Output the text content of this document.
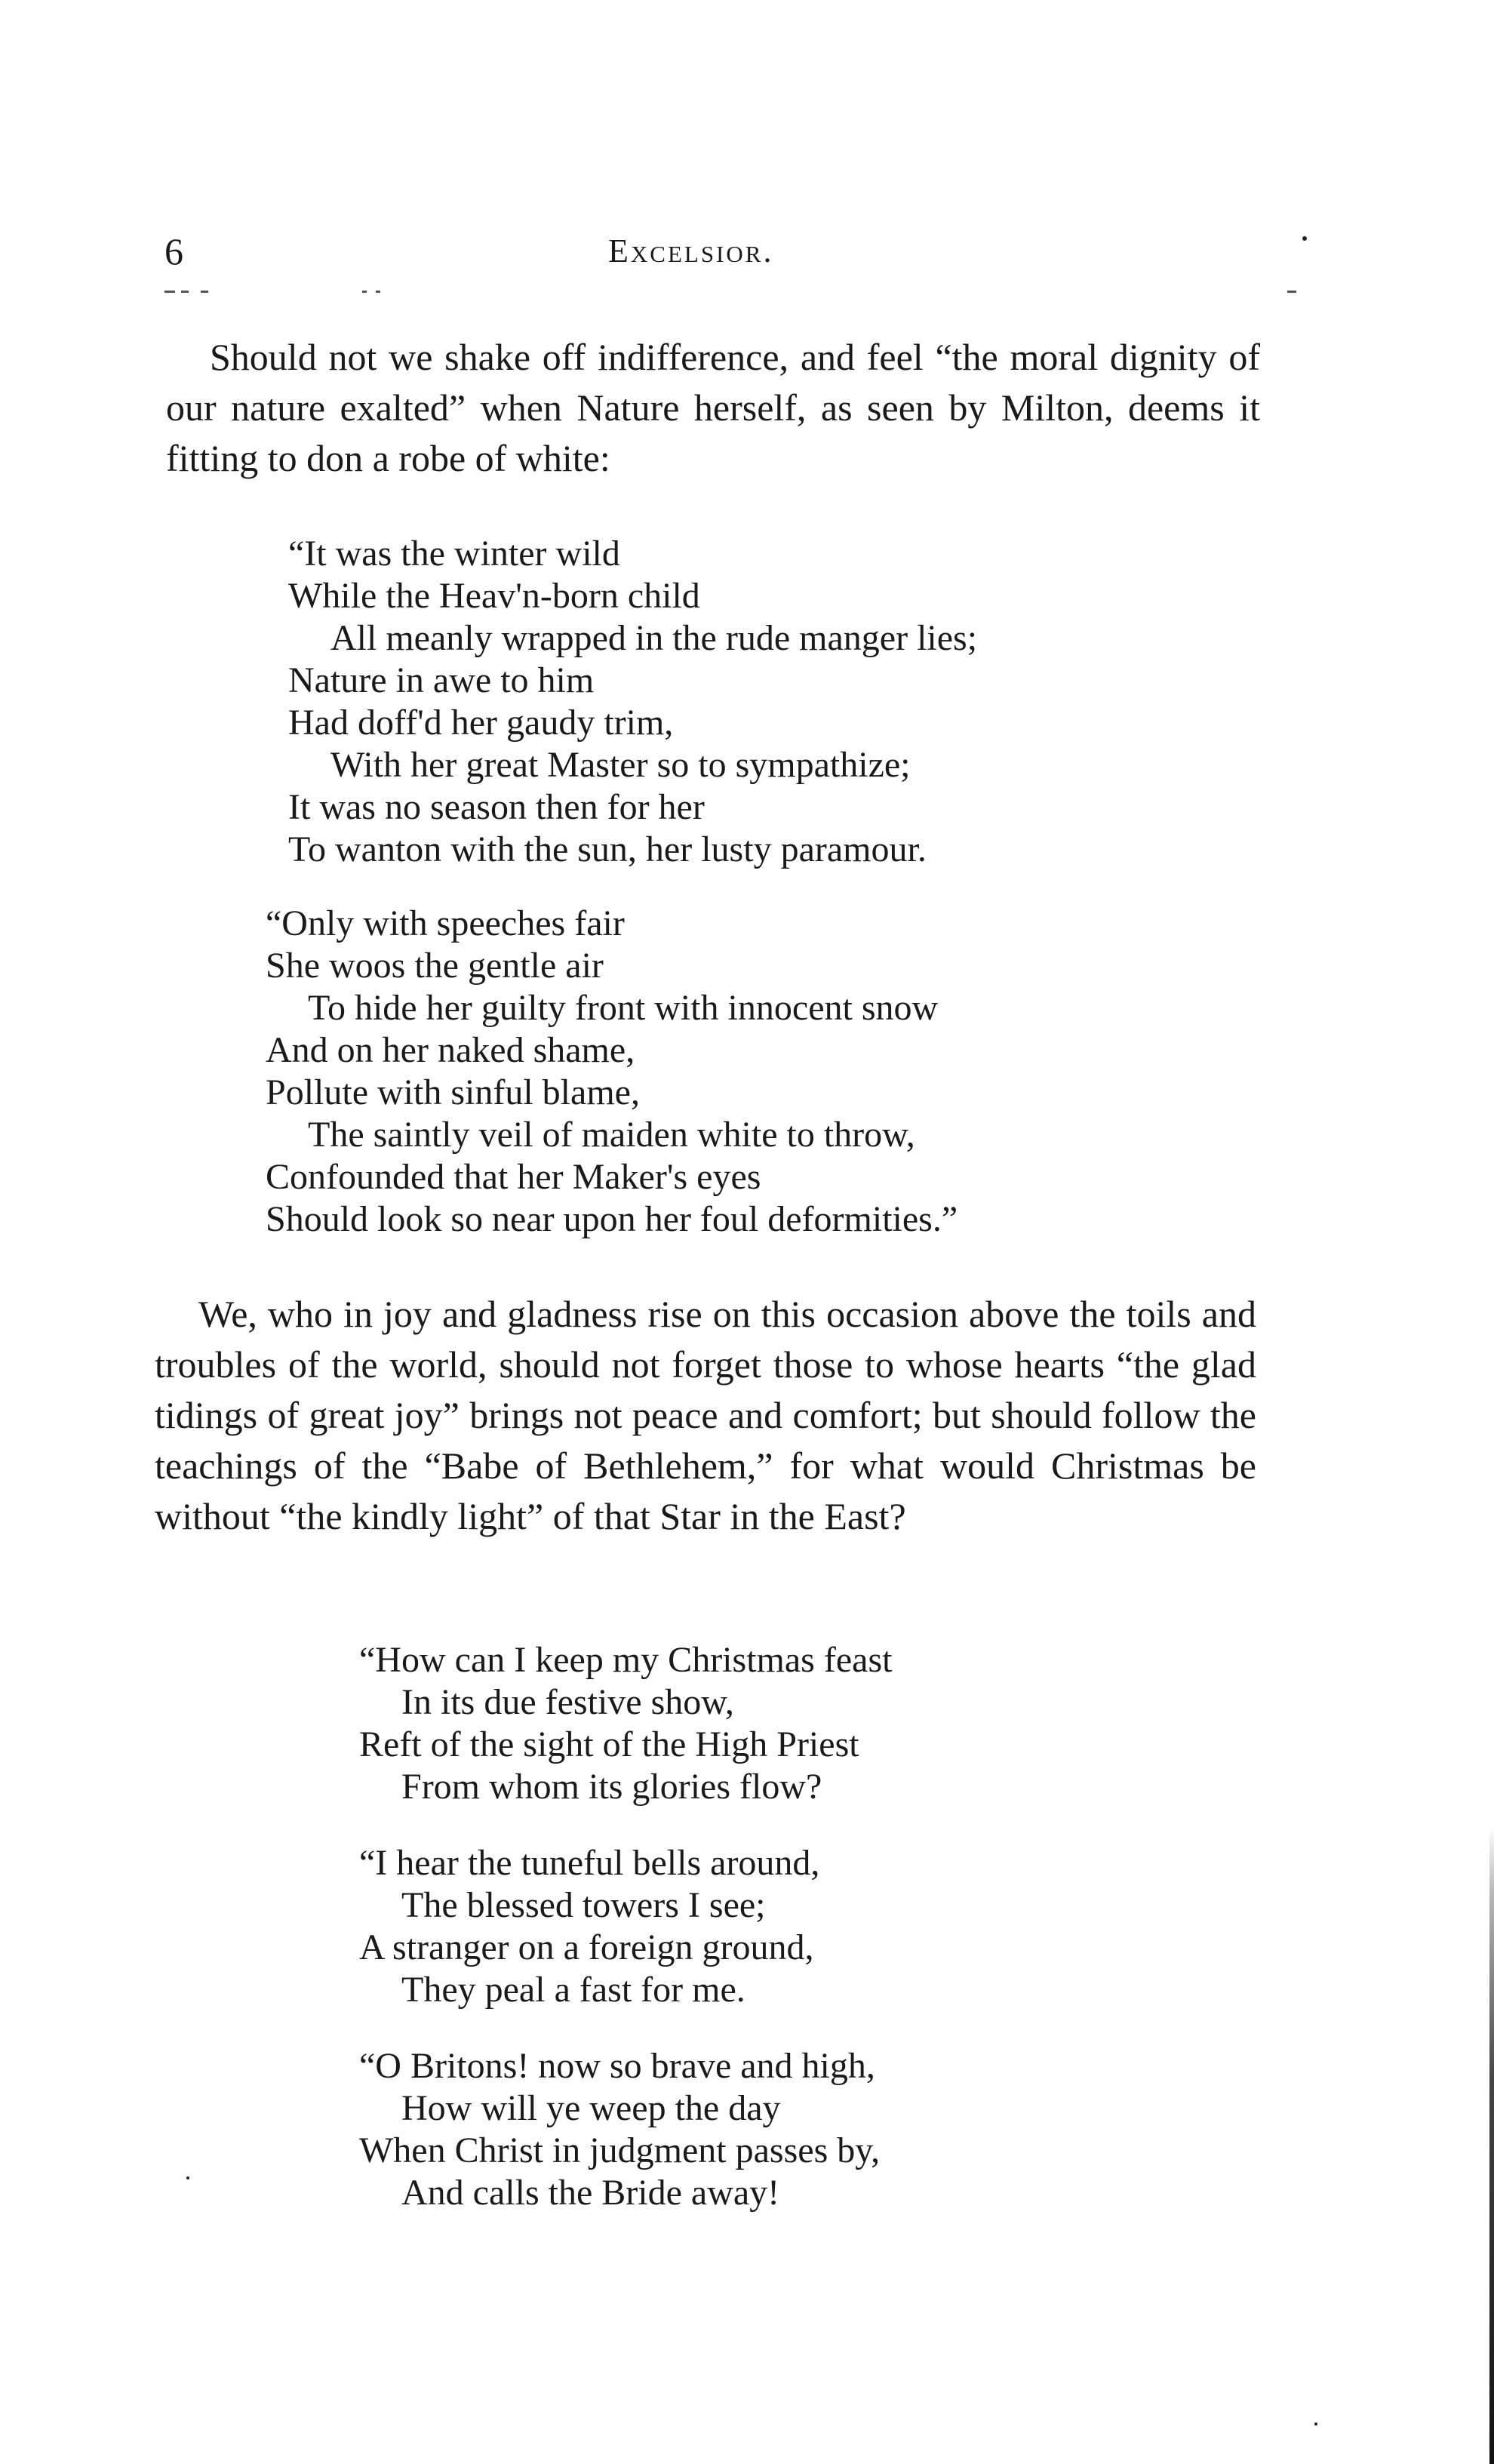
6	Excelsior.

Should not we shake off indifference, and feel “the moral dignity of our nature exalted” when Nature herself, as seen by Milton, deems it fitting to don a robe of white:

“It was the winter wild
While the Heav'n-born child
All meanly wrapped in the rude manger lies;
Nature in awe to him
Had doff'd her gaudy trim,
With her great Master so to sympathize;
It was no season then for her
To wanton with the sun, her lusty paramour.
“Only with speeches fair
She woos the gentle air
To hide her guilty front with innocent snow
And on her naked shame,
Pollute with sinful blame,
The saintly veil of maiden white to throw,
Confounded that her Maker's eyes
Should look so near upon her foul deformities.”

We, who in joy and gladness rise on this occasion above the toils and troubles of the world, should not forget those to whose hearts “the glad tidings of great joy” brings not peace and comfort; but should follow the teachings of the “Babe of Bethlehem,” for what would Christmas be without “the kindly light” of that Star in the East?

“How can I keep my Christmas feast
In its due festive show,
Reft of the sight of the High Priest
From whom its glories flow?
“I hear the tuneful bells around,
The blessed towers I see;
A stranger on a foreign ground,
They peal a fast for me.
“O Britons! now so brave and high,
How will ye weep the day
When Christ in judgment passes by,
And calls the Bride away!
